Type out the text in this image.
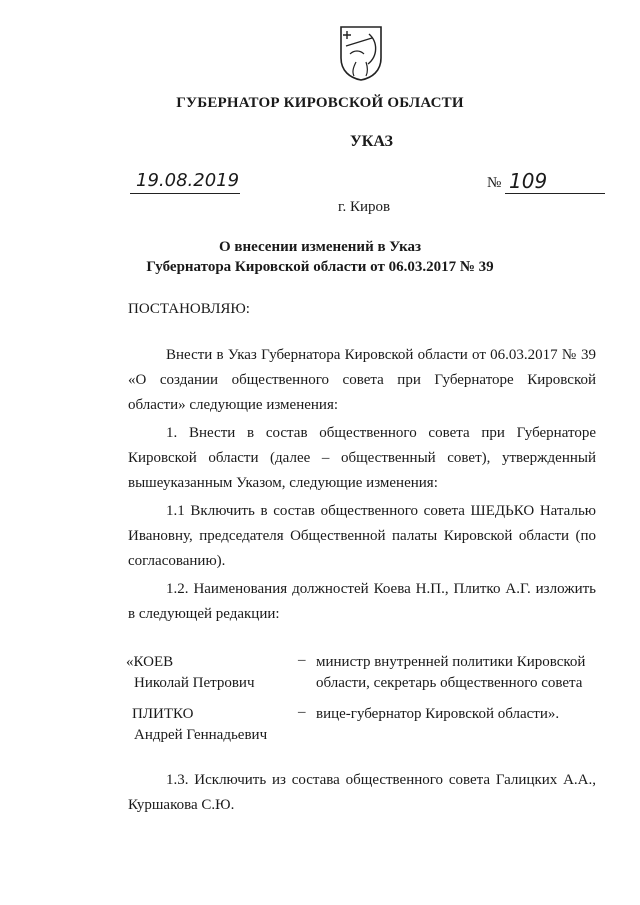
ГУБЕРНАТОР КИРОВСКОЙ ОБЛАСТИ
УКАЗ
19.08.2019	№ 109
г. Киров
О внесении изменений в Указ
Губернатора Кировской области от 06.03.2017 № 39
ПОСТАНОВЛЯЮ:
Внести в Указ Губернатора Кировской области от 06.03.2017 № 39 «О создании общественного совета при Губернаторе Кировской области» следующие изменения:
1. Внести в состав общественного совета при Губернаторе Кировской области (далее – общественный совет), утвержденный вышеуказанным Указом, следующие изменения:
1.1 Включить в состав общественного совета ШЕДЬКО Наталью Ивановну, председателя Общественной палаты Кировской области (по согласованию).
1.2. Наименования должностей Коева Н.П., Плитко А.Г. изложить в следующей редакции:
«КОЕВ
Николай Петрович
– министр внутренней политики Кировской области, секретарь общественного совета
ПЛИТКО
Андрей Геннадьевич
– вице-губернатор Кировской области».
1.3. Исключить из состава общественного совета Галицких А.А., Куршакова С.Ю.
